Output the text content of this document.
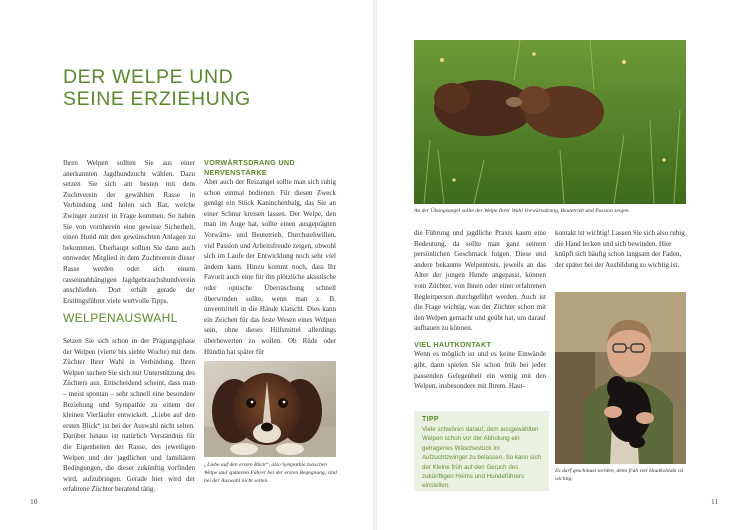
DER WELPE UND
SEINE ERZIEHUNG

Ihren Welpen sollten Sie aus einer anerkannten Jagdhundzucht wählen. Dazu setzen Sie sich am besten mit dem Zuchtverein der gewählten Rasse in Verbindung und holen sich Rat, welche Zwinger zurzeit in Frage kommen. So haben Sie von vornherein eine gewisse Sicherheit, einen Hund mit den gewünschten Anlagen zu bekommen. Überhaupt sollten Sie dann auch ennweder Mitglied in dem Zuchtverein dieser Rasse werden oder sich einem rasseunabhängigen Jagdgebrauchshundverein anschließen. Dort erhält gerade der Erstlingsführer viele wertvolle Tipps.

WELPENAUSWAHL

Setzen Sie sich schon in der Prägungsphase der Welpen (vierte bis siebte Woche) mit dem Züchter Ihrer Wahl in Verbindung. Ihren Welpen suchen Sie sich mit Unterstützung des Züchters aus. Entscheidend scheint, dass man – meist spontan – sehr schnell eine besondere Beziehung und Sympathie zu einem der kleinen Vierläufer entwickelt. „Liebe auf den ersten Blick“ ist bei der Auswahl nicht selten. Darüber hinaus ist natürlich Verständnis für die Eigenheiten der Rasse, des jeweiligen Welpen und der jagdlichen und familiären Bedingungen, die dieser zukünftig vorfinden wird, aufzubringen. Gerade hier wird der erfahrene Züchter beratend tätig.

VORWÄRTSDRANG UND
NERVENSTÄRKE

Aber auch der Reizangel sollte man sich ruhig schon einmal bedienen. Für diesen Zweck genügt ein Stück Kaninchenbalg, das Sie an einer Schnur kreisen lassen. Der Welpe, den man im Auge hat, sollte einen ausgeprägten Vorwärts- und Beutetrieb, Durchstehwillen, viel Passion und Arbeitsfreude zeigen, obwohl sich im Laufe der Entwicklung noch sehr viel ändern kann. Hinzu kommt noch, dass Ihr Favorit auch eine für ihn plötzliche akustische oder optische Überraschung schnell überwinden sollte, wenn man z. B. unvermittelt in die Hände klatscht. Dies kann ein Zeichen für das feste Wesen eines Welpen sein, ohne dieses Hilfsmittel allerdings überbewerten zu wollen. Ob Rüde oder Hündin hat später für

„Liebe auf den ersten Blick“, also Sympathie zwischen Welpe und späterem Führer bei der ersten Begegnung, sind bei der Auswahl nicht selten.
10
An der Übungsangel sollte der Welpe Ihrer Wahl Vorwärtsdrang, Beutetrieb und Passion zeigen.

die Führung und jagdliche Praxis kaum eine Bedeutung, da sollte man ganz seinem persönlichen Geschmack folgen. Diese und andere bekannte Welpentests, jeweils an das Alter der jungen Hunde angepasst, können vom Züchter, von Ihnen oder einer erfahrenen Begleitperson durchgeführt werden. Auch ist die Frage wichtig, was der Züchter schon mit den Welpen gemacht und geübt hat, um darauf aufbauen zu können.

VIEL HAUTKONTAKT

Wenn es möglich ist und es keine Einwände gibt, dann spielen Sie schon früh bei jeder passenden Gelegenheit ein wenig mit den Welpen, insbesondere mit Ihrem. Haut-

kontakt ist wichtig! Lassen Sie sich also ruhig die Hand lecken und sich bewinden. Hier knüpft sich häufig schon langsam der Faden, der später bei der Ausbildung so wichtig ist.

TIPP
Viele schwören darauf, dem ausgewählten Welpen schon vor der Abholung ein getragenes Wäschestück im Aufzuchtzwinger zu belassen. So kann sich der Kleine früh auf den Geruch des zukünftigen Heims und Hundeführers einstellen.
Es darf geschmust werden, denn früh viel Hautkontakt ist wichtig.
11
